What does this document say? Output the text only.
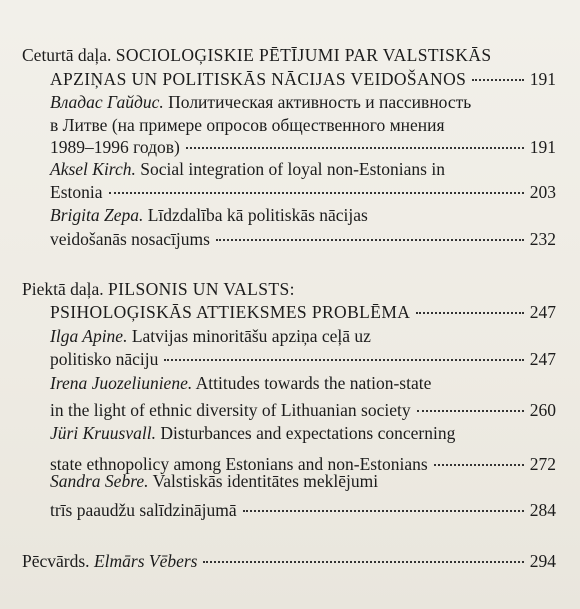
Ceturtā daļa. SOCIOLOĢISKIE PĒTĪJUMI PAR VALSTISKĀS
APZIŅAS UN POLITISKĀS NĀCIJAS VEIDOŠANOS	191
Владас Гайдис. Политическая активность и пассивность
в Литве (на примере опросов общественного мнения
1989–1996 годов)	191
Aksel Kirch. Social integration of loyal non-Estonians in
Estonia	203
Brigita Zepa. Līdzdalība kā politiskās nācijas
veidošanās nosacījums	232
Piektā daļa. PILSONIS UN VALSTS:
PSIHOLOĢISKĀS ATTIEKSMES PROBLĒMA	247
Ilga Apine. Latvijas minoritāšu apziņa ceļā uz
politisko nāciju	247
Irena Juozeliuniene. Attitudes towards the nation-state
in the light of ethnic diversity of Lithuanian society	260
Jüri Kruusvall. Disturbances and expectations concerning
state ethnopolicy among Estonians and non-Estonians	272
Sandra Sebre. Valstiskās identitātes meklējumi
trīs paaudžu salīdzinājumā	284
Pēcvārds. Elmārs Vēbers	294
